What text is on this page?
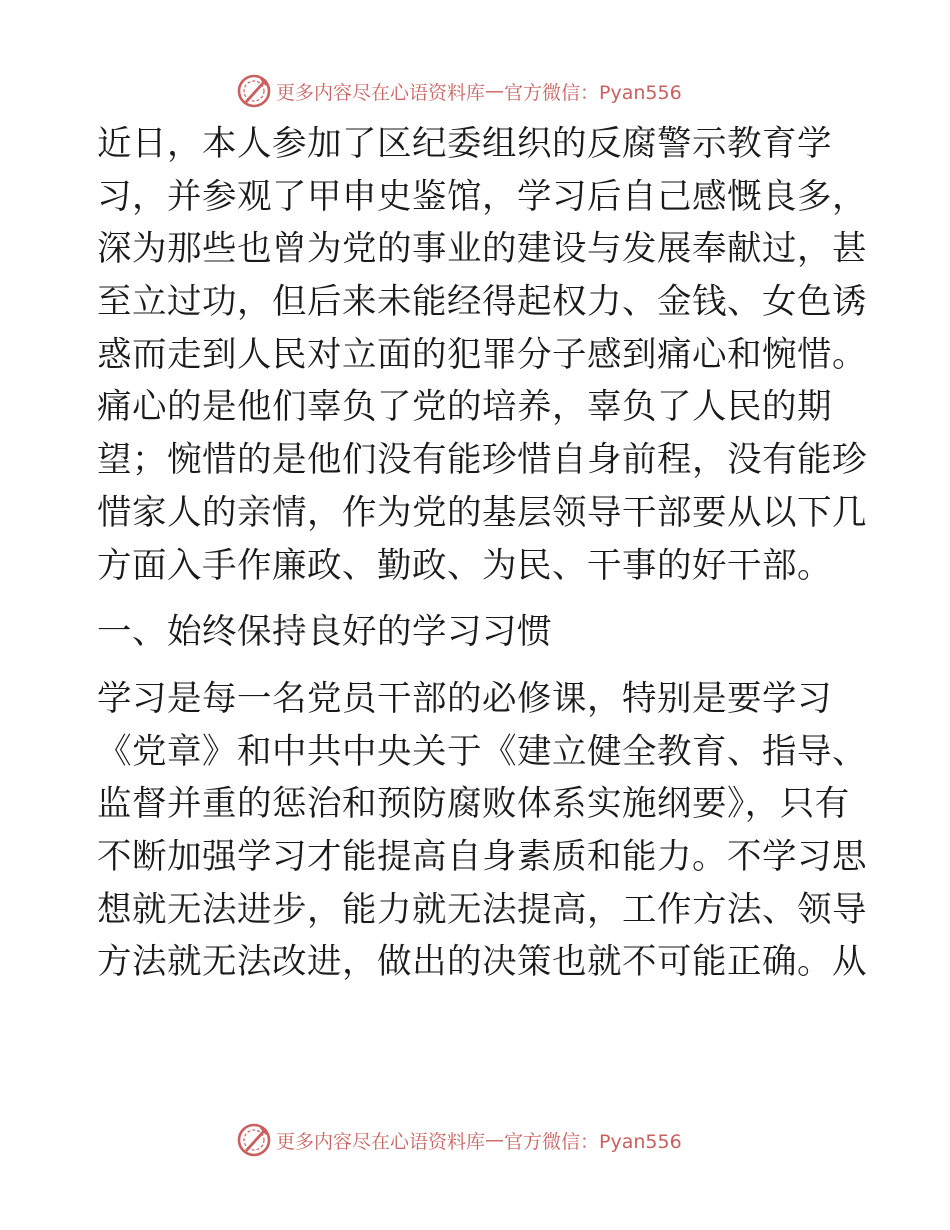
更多内容尽在心语资料库 — 官方微信：Pyan556

近日，本人参加了区纪委组织的反腐警示教育学
习，并参观了甲申史鉴馆，学习后自己感慨良多，
深为那些也曾为党的事业的建设与发展奉献过，甚
至立过功，但后来未能经得起权力、金钱、女色诱
惑而走到人民对立面的犯罪分子感到痛心和惋惜。
痛心的是他们辜负了党的培养，辜负了人民的期
望；惋惜的是他们没有能珍惜自身前程，没有能珍
惜家人的亲情，作为党的基层领导干部要从以下几
方面入手作廉政、勤政、为民、干事的好干部。

一、始终保持良好的学习习惯

学习是每一名党员干部的必修课，特别是要学习
《党章》和中共中央关于《建立健全教育、指导、
监督并重的惩治和预防腐败体系实施纲要》，只有
不断加强学习才能提高自身素质和能力。不学习思
想就无法进步，能力就无法提高，工作方法、领导
方法就无法改进，做出的决策也就不可能正确。从

更多内容尽在心语资料库 — 官方微信：Pyan556
